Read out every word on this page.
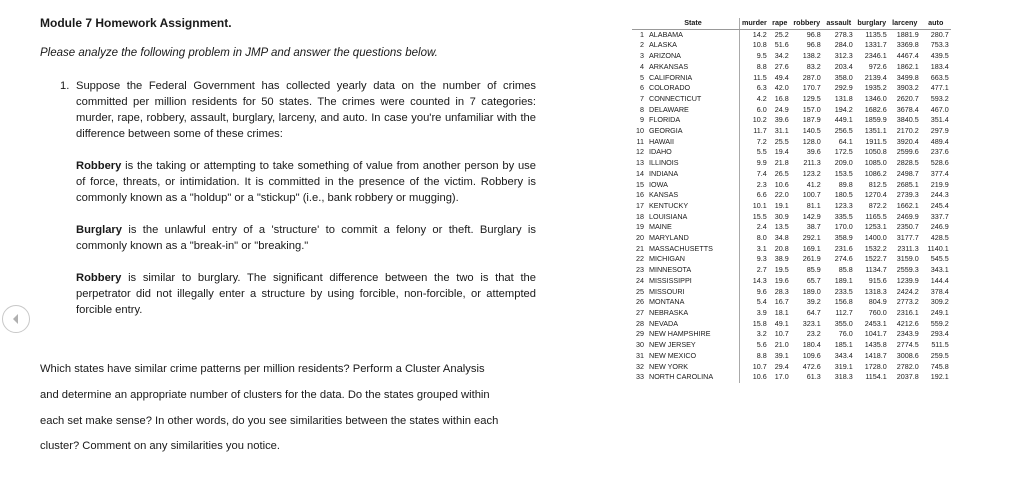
Module 7 Homework Assignment.
Please analyze the following problem in JMP and answer the questions below.

1. Suppose the Federal Government has collected yearly data on the number of crimes committed per million residents for 50 states. The crimes were counted in 7 categories: murder, rape, robbery, assault, burglary, larceny, and auto. In case you're unfamiliar with the difference between some of these crimes:

Robbery is the taking or attempting to take something of value from another person by use of force, threats, or intimidation. It is committed in the presence of the victim. Robbery is commonly known as a "holdup" or a "stickup" (i.e., bank robbery or mugging).

Burglary is the unlawful entry of a 'structure' to commit a felony or theft. Burglary is commonly known as a "break-in" or "breaking."

Robbery is similar to burglary. The significant difference between the two is that the perpetrator did not illegally enter a structure by using forcible, non-forcible, or attempted forcible entry.

Which states have similar crime patterns per million residents? Perform a Cluster Analysis
and determine an appropriate number of clusters for the data. Do the states grouped within
each set make sense? In other words, do you see similarities between the states within each
cluster? Comment on any similarities you notice.
	State	murder	rape	robbery	assault	burglary	larceny	auto
1	ALABAMA	14.2	25.2	96.8	278.3	1135.5	1881.9	280.7
2	ALASKA	10.8	51.6	96.8	284.0	1331.7	3369.8	753.3
3	ARIZONA	9.5	34.2	138.2	312.3	2346.1	4467.4	439.5
4	ARKANSAS	8.8	27.6	83.2	203.4	972.6	1862.1	183.4
5	CALIFORNIA	11.5	49.4	287.0	358.0	2139.4	3499.8	663.5
6	COLORADO	6.3	42.0	170.7	292.9	1935.2	3903.2	477.1
7	CONNECTICUT	4.2	16.8	129.5	131.8	1346.0	2620.7	593.2
8	DELAWARE	6.0	24.9	157.0	194.2	1682.6	3678.4	467.0
9	FLORIDA	10.2	39.6	187.9	449.1	1859.9	3840.5	351.4
10	GEORGIA	11.7	31.1	140.5	256.5	1351.1	2170.2	297.9
11	HAWAII	7.2	25.5	128.0	64.1	1911.5	3920.4	489.4
12	IDAHO	5.5	19.4	39.6	172.5	1050.8	2599.6	237.6
13	ILLINOIS	9.9	21.8	211.3	209.0	1085.0	2828.5	528.6
14	INDIANA	7.4	26.5	123.2	153.5	1086.2	2498.7	377.4
15	IOWA	2.3	10.6	41.2	89.8	812.5	2685.1	219.9
16	KANSAS	6.6	22.0	100.7	180.5	1270.4	2739.3	244.3
17	KENTUCKY	10.1	19.1	81.1	123.3	872.2	1662.1	245.4
18	LOUISIANA	15.5	30.9	142.9	335.5	1165.5	2469.9	337.7
19	MAINE	2.4	13.5	38.7	170.0	1253.1	2350.7	246.9
20	MARYLAND	8.0	34.8	292.1	358.9	1400.0	3177.7	428.5
21	MASSACHUSETTS	3.1	20.8	169.1	231.6	1532.2	2311.3	1140.1
22	MICHIGAN	9.3	38.9	261.9	274.6	1522.7	3159.0	545.5
23	MINNESOTA	2.7	19.5	85.9	85.8	1134.7	2559.3	343.1
24	MISSISSIPPI	14.3	19.6	65.7	189.1	915.6	1239.9	144.4
25	MISSOURI	9.6	28.3	189.0	233.5	1318.3	2424.2	378.4
26	MONTANA	5.4	16.7	39.2	156.8	804.9	2773.2	309.2
27	NEBRASKA	3.9	18.1	64.7	112.7	760.0	2316.1	249.1
28	NEVADA	15.8	49.1	323.1	355.0	2453.1	4212.6	559.2
29	NEW HAMPSHIRE	3.2	10.7	23.2	76.0	1041.7	2343.9	293.4
30	NEW JERSEY	5.6	21.0	180.4	185.1	1435.8	2774.5	511.5
31	NEW MEXICO	8.8	39.1	109.6	343.4	1418.7	3008.6	259.5
32	NEW YORK	10.7	29.4	472.6	319.1	1728.0	2782.0	745.8
33	NORTH CAROLINA	10.6	17.0	61.3	318.3	1154.1	2037.8	192.1
